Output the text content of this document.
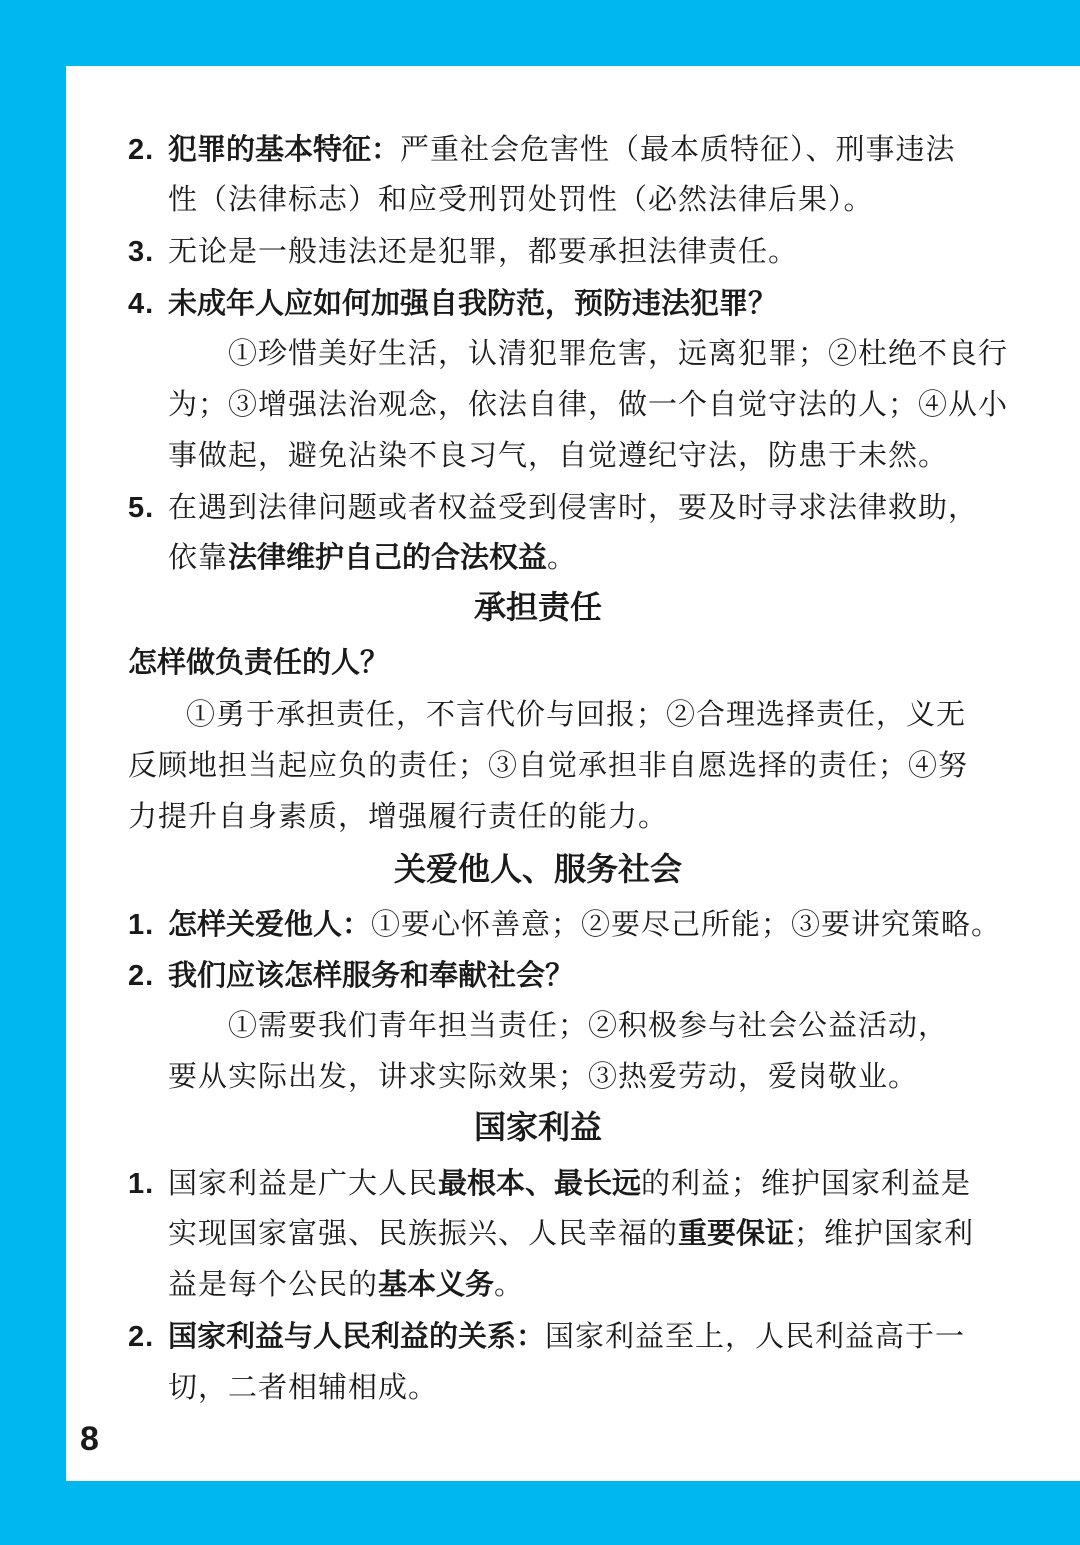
2. 犯罪的基本特征：严重社会危害性（最本质特征）、刑事违法
性（法律标志）和应受刑罚处罚性（必然法律后果）。
3. 无论是一般违法还是犯罪，都要承担法律责任。
4. 未成年人应如何加强自我防范，预防违法犯罪？
①珍惜美好生活，认清犯罪危害，远离犯罪；②杜绝不良行
为；③增强法治观念，依法自律，做一个自觉守法的人；④从小
事做起，避免沾染不良习气，自觉遵纪守法，防患于未然。
5. 在遇到法律问题或者权益受到侵害时，要及时寻求法律救助，
依靠法律维护自己的合法权益。
承担责任
怎样做负责任的人？
①勇于承担责任，不言代价与回报；②合理选择责任，义无
反顾地担当起应负的责任；③自觉承担非自愿选择的责任；④努
力提升自身素质，增强履行责任的能力。
关爱他人、服务社会
1. 怎样关爱他人：①要心怀善意；②要尽己所能；③要讲究策略。
2. 我们应该怎样服务和奉献社会？
①需要我们青年担当责任；②积极参与社会公益活动，
要从实际出发，讲求实际效果；③热爱劳动，爱岗敬业。
国家利益
1. 国家利益是广大人民最根本、最长远的利益；维护国家利益是
实现国家富强、民族振兴、人民幸福的重要保证；维护国家利
益是每个公民的基本义务。
2. 国家利益与人民利益的关系：国家利益至上，人民利益高于一
切，二者相辅相成。
8
